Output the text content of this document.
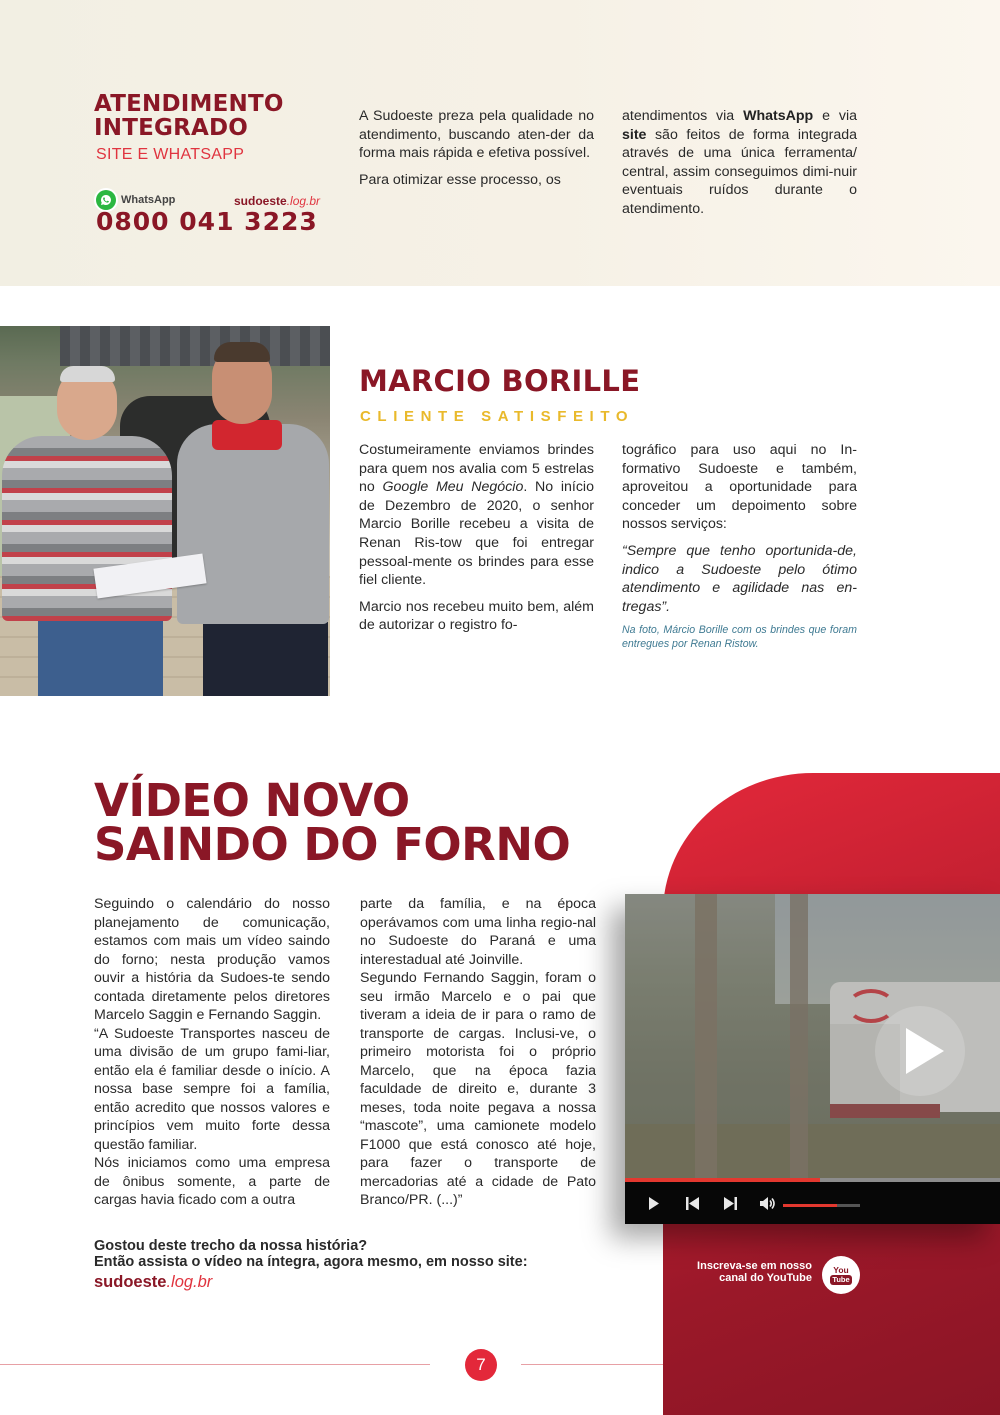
ATENDIMENTO
INTEGRADO
SITE E WHATSAPP
WhatsApp	sudoeste.log.br
0800 041 3223

A Sudoeste preza pela qualidade no atendimento, buscando aten-der da forma mais rápida e efetiva possível.

Para otimizar esse processo, os

atendimentos via WhatsApp e via site são feitos de forma integrada através de uma única ferramenta/ central, assim conseguimos dimi-nuir eventuais ruídos durante o atendimento.

MARCIO BORILLE
CLIENTE SATISFEITO

Costumeiramente enviamos brindes para quem nos avalia com 5 estrelas no Google Meu Negócio. No início de Dezembro de 2020, o senhor Marcio Borille recebeu a visita de Renan Ris-tow que foi entregar pessoal-mente os brindes para esse fiel cliente.

Marcio nos recebeu muito bem, além de autorizar o registro fo-

tográfico para uso aqui no In-formativo Sudoeste e também, aproveitou a oportunidade para conceder um depoimento sobre nossos serviços:

“Sempre que tenho oportunida-de, indico a Sudoeste pelo ótimo atendimento e agilidade nas en-tregas”.

Na foto, Márcio Borille com os brindes que foram entregues por Renan Ristow.
VÍDEO NOVO
SAINDO DO FORNO

Seguindo o calendário do nosso planejamento de comunicação, estamos com mais um vídeo saindo do forno; nesta produção vamos ouvir a história da Sudoes-te sendo contada diretamente pelos diretores Marcelo Saggin e Fernando Saggin.

“A Sudoeste Transportes nasceu de uma divisão de um grupo fami-liar, então ela é familiar desde o início. A nossa base sempre foi a família, então acredito que nossos valores e princípios vem muito forte dessa questão familiar.

Nós iniciamos como uma empresa de ônibus somente, a parte de cargas havia ficado com a outra

parte da família, e na época operávamos com uma linha regio-nal no Sudoeste do Paraná e uma interestadual até Joinville.

Segundo Fernando Saggin, foram o seu irmão Marcelo e o pai que tiveram a ideia de ir para o ramo de transporte de cargas. Inclusi-ve, o primeiro motorista foi o próprio Marcelo, que na época fazia faculdade de direito e, durante 3 meses, toda noite pegava a nossa “mascote”, uma camionete modelo F1000 que está conosco até hoje, para fazer o transporte de mercadorias até a cidade de Pato Branco/PR. (...)”

Gostou deste trecho da nossa história?
Então assista o vídeo na íntegra, agora mesmo, em nosso site:
sudoeste.log.br
Inscreva-se em nosso
canal do YouTube
You
Tube
7
